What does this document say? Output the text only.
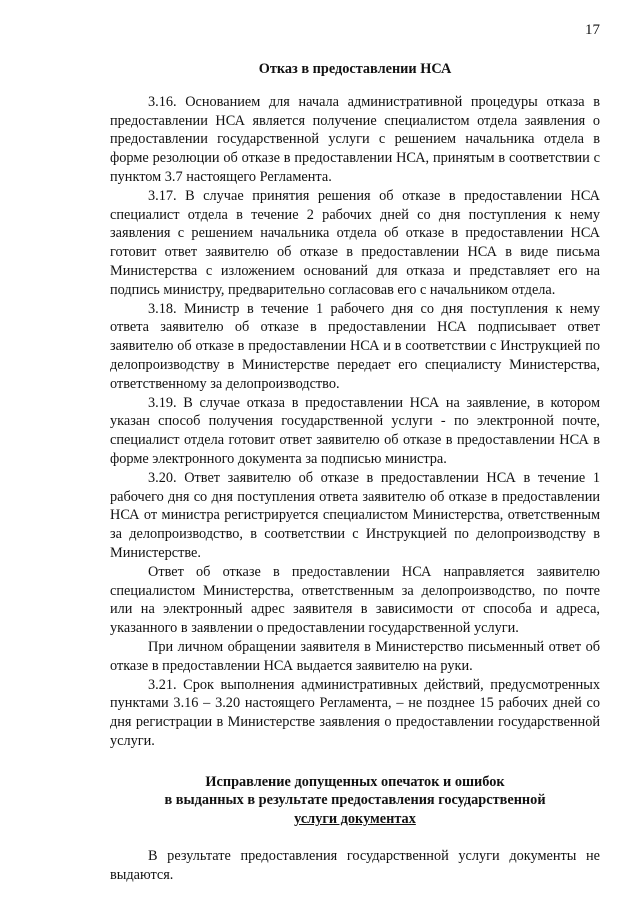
17
Отказ в предоставлении НСА

3.16. Основанием для начала административной процедуры отказа в предоставлении НСА является получение специалистом отдела заявления о предоставлении государственной услуги с решением начальника отдела в форме резолюции об отказе в предоставлении НСА, принятым в соответствии с пунктом 3.7 настоящего Регламента.

3.17. В случае принятия решения об отказе в предоставлении НСА специалист отдела в течение 2 рабочих дней со дня поступления к нему заявления с решением начальника отдела об отказе в предоставлении НСА готовит ответ заявителю об отказе в предоставлении НСА в виде письма Министерства с изложением оснований для отказа и представляет его на подпись министру, предварительно согласовав его с начальником отдела.

3.18. Министр в течение 1 рабочего дня со дня поступления к нему ответа заявителю об отказе в предоставлении НСА подписывает ответ заявителю об отказе в предоставлении НСА и в соответствии с Инструкцией по делопроизводству в Министерстве передает его специалисту Министерства, ответственному за делопроизводство.

3.19. В случае отказа в предоставлении НСА на заявление, в котором указан способ получения государственной услуги - по электронной почте, специалист отдела готовит ответ заявителю об отказе в предоставлении НСА в форме электронного документа за подписью министра.

3.20. Ответ заявителю об отказе в предоставлении НСА в течение 1 рабочего дня со дня поступления ответа заявителю об отказе в предоставлении НСА от министра регистрируется специалистом Министерства, ответственным за делопроизводство, в соответствии с Инструкцией по делопроизводству в Министерстве.

Ответ об отказе в предоставлении НСА направляется заявителю специалистом Министерства, ответственным за делопроизводство, по почте или на электронный адрес заявителя в зависимости от способа и адреса, указанного в заявлении о предоставлении государственной услуги.

При личном обращении заявителя в Министерство письменный ответ об отказе в предоставлении НСА выдается заявителю на руки.

3.21. Срок выполнения административных действий, предусмотренных пунктами 3.16 – 3.20 настоящего Регламента, – не позднее 15 рабочих дней со дня регистрации в Министерстве заявления о предоставлении государственной услуги.

Исправление допущенных опечаток и ошибок
в выданных в результате предоставления государственной
услуги документах

В результате предоставления государственной услуги документы не выдаются.
